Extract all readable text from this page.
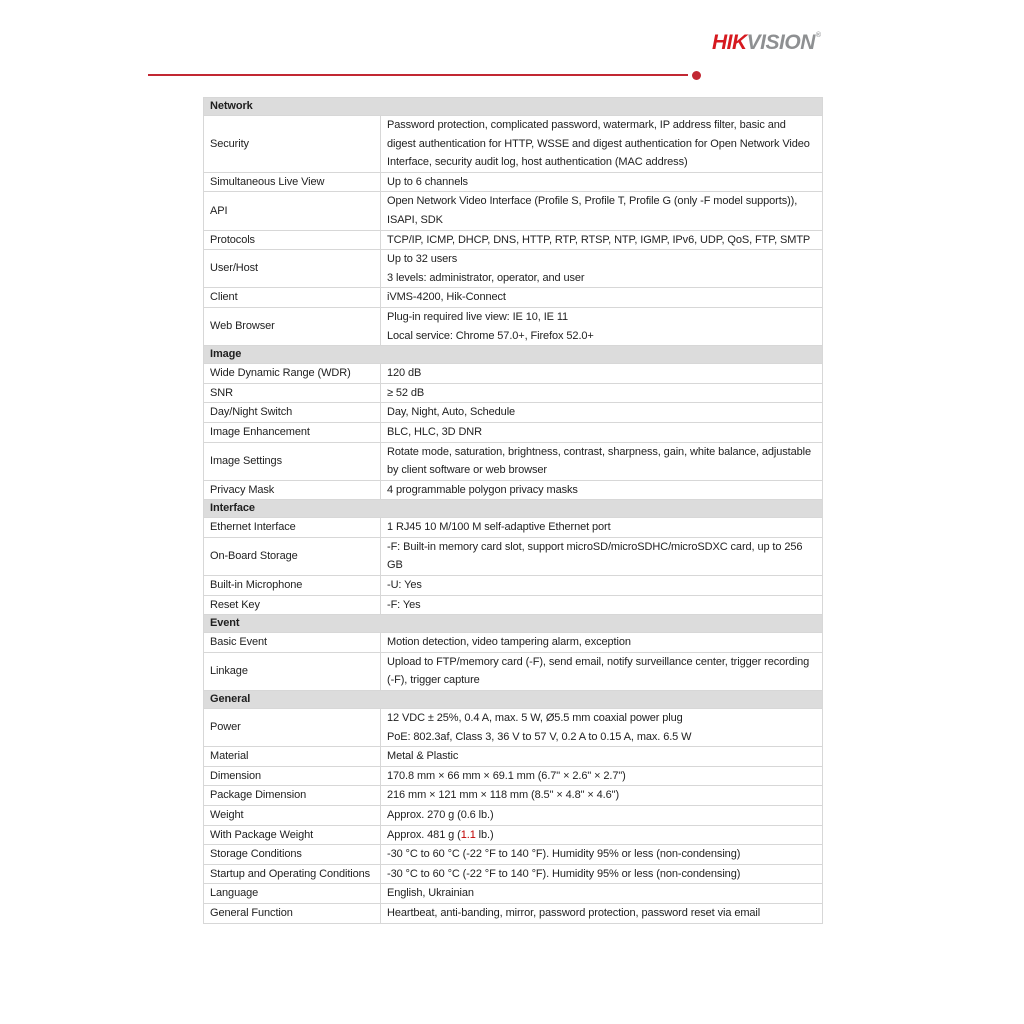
HIKVISION®
Network	

Security	Password protection, complicated password, watermark, IP address filter, basic and digest authentication for HTTP, WSSE and digest authentication for Open Network Video Interface, security audit log, host authentication (MAC address)

Simultaneous Live View	Up to 6 channels

API	Open Network Video Interface (Profile S, Profile T, Profile G (only -F model supports)), ISAPI, SDK

Protocols	TCP/IP, ICMP, DHCP, DNS, HTTP, RTP, RTSP, NTP, IGMP, IPv6, UDP, QoS, FTP, SMTP

User/Host	Up to 32 users
3 levels: administrator, operator, and user

Client	iVMS-4200, Hik-Connect

Web Browser	Plug-in required live view: IE 10, IE 11
Local service: Chrome 57.0+, Firefox 52.0+

Image	

Wide Dynamic Range (WDR)	120 dB

SNR	≥ 52 dB

Day/Night Switch	Day, Night, Auto, Schedule

Image Enhancement	BLC, HLC, 3D DNR

Image Settings	Rotate mode, saturation, brightness, contrast, sharpness, gain, white balance, adjustable by client software or web browser

Privacy Mask	4 programmable polygon privacy masks

Interface	

Ethernet Interface	1 RJ45 10 M/100 M self-adaptive Ethernet port

On-Board Storage	-F: Built-in memory card slot, support microSD/microSDHC/microSDXC card, up to 256 GB

Built-in Microphone	-U: Yes

Reset Key	-F: Yes

Event	

Basic Event	Motion detection, video tampering alarm, exception

Linkage	Upload to FTP/memory card (-F), send email, notify surveillance center, trigger recording (-F), trigger capture

General	

Power	12 VDC ± 25%, 0.4 A, max. 5 W, Ø5.5 mm coaxial power plug
PoE: 802.3af, Class 3, 36 V to 57 V, 0.2 A to 0.15 A, max. 6.5 W

Material	Metal & Plastic

Dimension	170.8 mm × 66 mm × 69.1 mm (6.7" × 2.6" × 2.7")

Package Dimension	216 mm × 121 mm × 118 mm (8.5" × 4.8" × 4.6")

Weight	Approx. 270 g (0.6 lb.)

With Package Weight	Approx. 481 g (1.1 lb.)

Storage Conditions	-30 °C to 60 °C (-22 °F to 140 °F). Humidity 95% or less (non-condensing)

Startup and Operating Conditions	-30 °C to 60 °C (-22 °F to 140 °F). Humidity 95% or less (non-condensing)

Language	English, Ukrainian

General Function	Heartbeat, anti-banding, mirror, password protection, password reset via email
